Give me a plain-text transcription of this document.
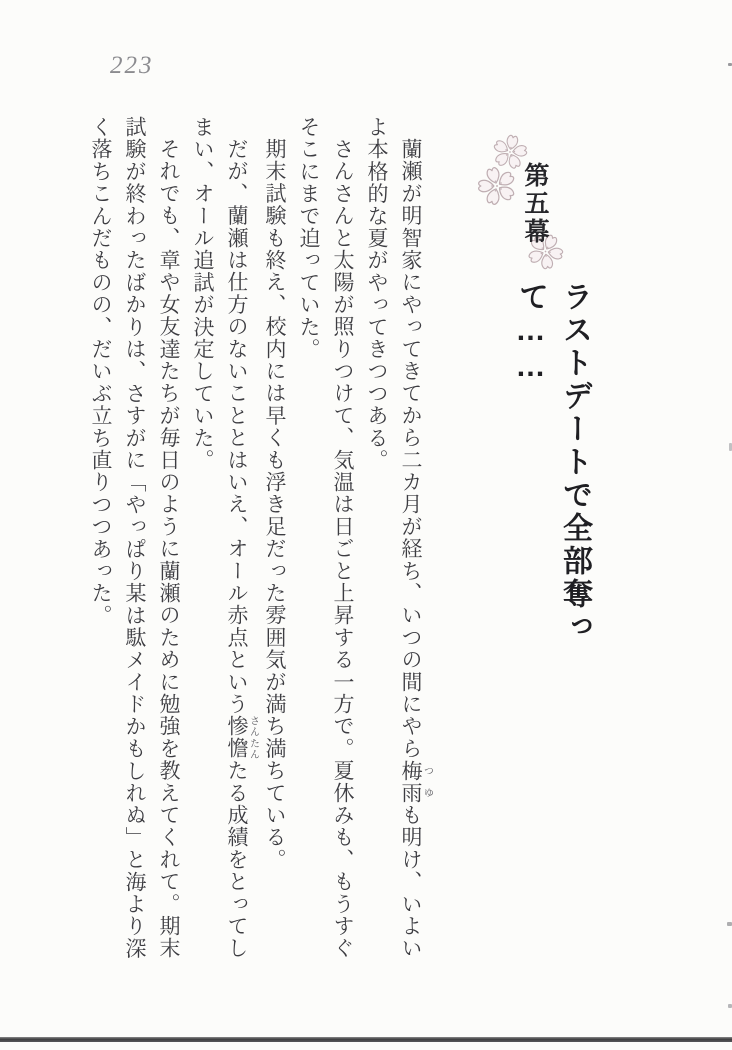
223
第五幕
ラストデートで全部奪って……

蘭瀬が明智家にやってきてから二カ月が経ち、いつの間にやら梅雨つゆも明け、いよいよ本格的な夏がやってきつつある。

さんさんと太陽が照りつけて、気温は日ごと上昇する一方で。夏休みも、もうすぐそこにまで迫っていた。

期末試験も終え、校内には早くも浮き足だった雰囲気が満ち満ちている。

だが、蘭瀬は仕方のないこととはいえ、オール赤点という惨憺さんたんたる成績をとってしまい、オール追試が決定していた。

それでも、章や女友達たちが毎日のように蘭瀬のために勉強を教えてくれて。期末試験が終わったばかりは、さすがに「やっぱり某は駄メイドかもしれぬ」と海より深く落ちこんだものの、だいぶ立ち直りつつあった。
